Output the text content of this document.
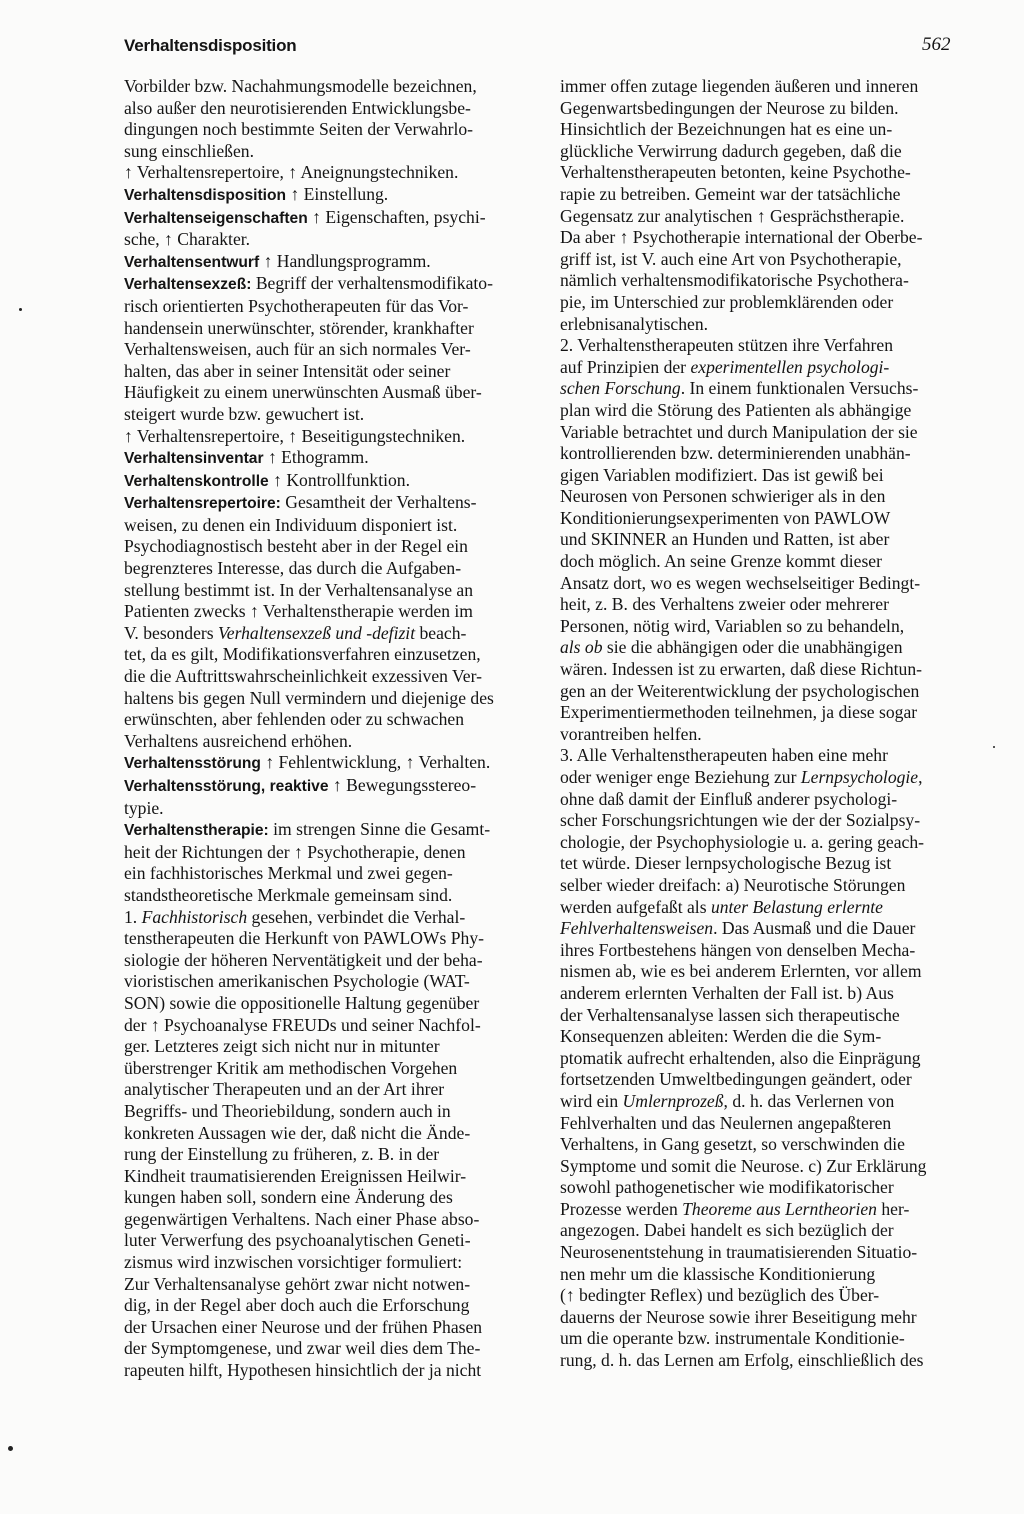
Verhaltensdisposition	562
Vorbilder bzw. Nachahmungsmodelle bezeichnen,
also außer den neurotisierenden Entwicklungsbe-
dingungen noch bestimmte Seiten der Verwahrlo-
sung einschließen.
↑ Verhaltensrepertoire, ↑ Aneignungstechniken.
Verhaltensdisposition ↑ Einstellung.
Verhaltenseigenschaften ↑ Eigenschaften, psychi-
sche, ↑ Charakter.
Verhaltensentwurf ↑ Handlungsprogramm.
Verhaltensexzeß: Begriff der verhaltensmodifikato-
risch orientierten Psychotherapeuten für das Vor-
handensein unerwünschter, störender, krankhafter
Verhaltensweisen, auch für an sich normales Ver-
halten, das aber in seiner Intensität oder seiner
Häufigkeit zu einem unerwünschten Ausmaß über-
steigert wurde bzw. gewuchert ist.
↑ Verhaltensrepertoire, ↑ Beseitigungstechniken.
Verhaltensinventar ↑ Ethogramm.
Verhaltenskontrolle ↑ Kontrollfunktion.
Verhaltensrepertoire: Gesamtheit der Verhaltens-
weisen, zu denen ein Individuum disponiert ist.
Psychodiagnostisch besteht aber in der Regel ein
begrenzteres Interesse, das durch die Aufgaben-
stellung bestimmt ist. In der Verhaltensanalyse an
Patienten zwecks ↑ Verhaltenstherapie werden im
V. besonders Verhaltensexzeß und -defizit beach-
tet, da es gilt, Modifikationsverfahren einzusetzen,
die die Auftrittswahrscheinlichkeit exzessiven Ver-
haltens bis gegen Null vermindern und diejenige des
erwünschten, aber fehlenden oder zu schwachen
Verhaltens ausreichend erhöhen.
Verhaltensstörung ↑ Fehlentwicklung, ↑ Verhalten.
Verhaltensstörung, reaktive ↑ Bewegungsstereo-
typie.
Verhaltenstherapie: im strengen Sinne die Gesamt-
heit der Richtungen der ↑ Psychotherapie, denen
ein fachhistorisches Merkmal und zwei gegen-
standstheoretische Merkmale gemeinsam sind.
1. Fachhistorisch gesehen, verbindet die Verhal-
tenstherapeuten die Herkunft von PAWLOWs Phy-
siologie der höheren Nerventätigkeit und der beha-
vioristischen amerikanischen Psychologie (WAT-
SON) sowie die oppositionelle Haltung gegenüber
der ↑ Psychoanalyse FREUDs und seiner Nachfol-
ger. Letzteres zeigt sich nicht nur in mitunter
überstrenger Kritik am methodischen Vorgehen
analytischer Therapeuten und an der Art ihrer
Begriffs- und Theoriebildung, sondern auch in
konkreten Aussagen wie der, daß nicht die Ände-
rung der Einstellung zu früheren, z. B. in der
Kindheit traumatisierenden Ereignissen Heilwir-
kungen haben soll, sondern eine Änderung des
gegenwärtigen Verhaltens. Nach einer Phase abso-
luter Verwerfung des psychoanalytischen Geneti-
zismus wird inzwischen vorsichtiger formuliert:
Zur Verhaltensanalyse gehört zwar nicht notwen-
dig, in der Regel aber doch auch die Erforschung
der Ursachen einer Neurose und der frühen Phasen
der Symptomgenese, und zwar weil dies dem The-
rapeuten hilft, Hypothesen hinsichtlich der ja nicht
immer offen zutage liegenden äußeren und inneren
Gegenwartsbedingungen der Neurose zu bilden.
Hinsichtlich der Bezeichnungen hat es eine un-
glückliche Verwirrung dadurch gegeben, daß die
Verhaltenstherapeuten betonten, keine Psychothe-
rapie zu betreiben. Gemeint war der tatsächliche
Gegensatz zur analytischen ↑ Gesprächstherapie.
Da aber ↑ Psychotherapie international der Oberbe-
griff ist, ist V. auch eine Art von Psychotherapie,
nämlich verhaltensmodifikatorische Psychothera-
pie, im Unterschied zur problemklärenden oder
erlebnisanalytischen.
2. Verhaltenstherapeuten stützen ihre Verfahren
auf Prinzipien der experimentellen psychologi-
schen Forschung. In einem funktionalen Versuchs-
plan wird die Störung des Patienten als abhängige
Variable betrachtet und durch Manipulation der sie
kontrollierenden bzw. determinierenden unabhän-
gigen Variablen modifiziert. Das ist gewiß bei
Neurosen von Personen schwieriger als in den
Konditionierungsexperimenten von PAWLOW
und SKINNER an Hunden und Ratten, ist aber
doch möglich. An seine Grenze kommt dieser
Ansatz dort, wo es wegen wechselseitiger Bedingt-
heit, z. B. des Verhaltens zweier oder mehrerer
Personen, nötig wird, Variablen so zu behandeln,
als ob sie die abhängigen oder die unabhängigen
wären. Indessen ist zu erwarten, daß diese Richtun-
gen an der Weiterentwicklung der psychologischen
Experimentiermethoden teilnehmen, ja diese sogar
vorantreiben helfen.
3. Alle Verhaltenstherapeuten haben eine mehr
oder weniger enge Beziehung zur Lernpsychologie,
ohne daß damit der Einfluß anderer psychologi-
scher Forschungsrichtungen wie der der Sozialpsy-
chologie, der Psychophysiologie u. a. gering geach-
tet würde. Dieser lernpsychologische Bezug ist
selber wieder dreifach: a) Neurotische Störungen
werden aufgefaßt als unter Belastung erlernte
Fehlverhaltensweisen. Das Ausmaß und die Dauer
ihres Fortbestehens hängen von denselben Mecha-
nismen ab, wie es bei anderem Erlernten, vor allem
anderem erlernten Verhalten der Fall ist. b) Aus
der Verhaltensanalyse lassen sich therapeutische
Konsequenzen ableiten: Werden die die Sym-
ptomatik aufrecht erhaltenden, also die Einprägung
fortsetzenden Umweltbedingungen geändert, oder
wird ein Umlernprozeß, d. h. das Verlernen von
Fehlverhalten und das Neulernen angepaßteren
Verhaltens, in Gang gesetzt, so verschwinden die
Symptome und somit die Neurose. c) Zur Erklärung
sowohl pathogenetischer wie modifikatorischer
Prozesse werden Theoreme aus Lerntheorien her-
angezogen. Dabei handelt es sich bezüglich der
Neurosenentstehung in traumatisierenden Situatio-
nen mehr um die klassische Konditionierung
(↑ bedingter Reflex) und bezüglich des Über-
dauerns der Neurose sowie ihrer Beseitigung mehr
um die operante bzw. instrumentale Konditionie-
rung, d. h. das Lernen am Erfolg, einschließlich des
